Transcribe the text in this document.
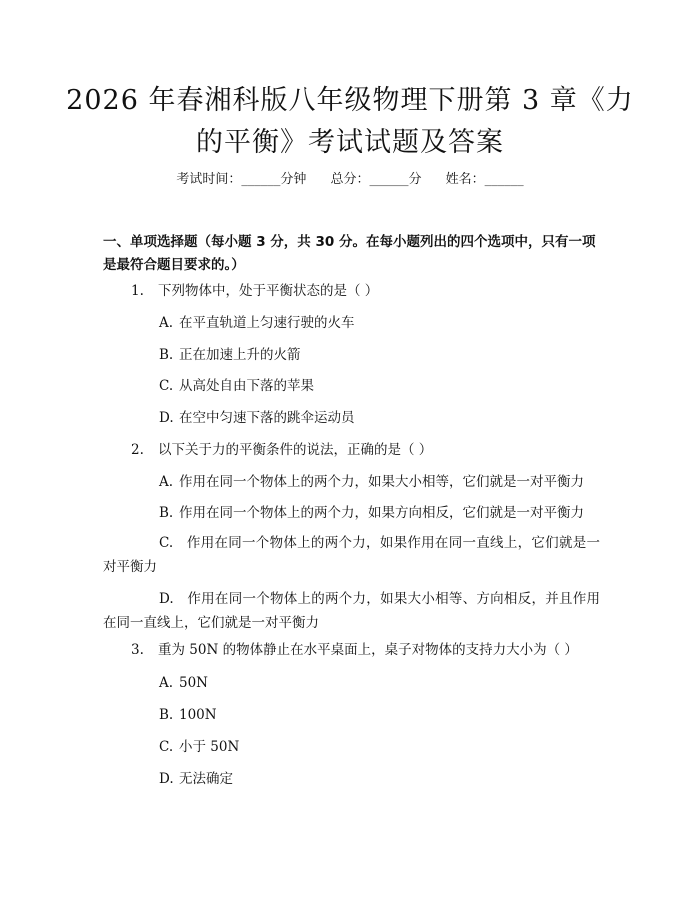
2026 年春湘科版八年级物理下册第 3 章《力
的平衡》考试试题及答案
考试时间：______分钟 总分：______分 姓名：______
一、单项选择题（每小题 3 分，共 30 分。在每小题列出的四个选项中，只有一项是最符合题目要求的。）
1. 下列物体中，处于平衡状态的是（ ）
A. 在平直轨道上匀速行驶的火车
B. 正在加速上升的火箭
C. 从高处自由下落的苹果
D. 在空中匀速下落的跳伞运动员
2. 以下关于力的平衡条件的说法，正确的是（ ）
A. 作用在同一个物体上的两个力，如果大小相等，它们就是一对平衡力
B. 作用在同一个物体上的两个力，如果方向相反，它们就是一对平衡力
C.  作用在同一个物体上的两个力，如果作用在同一直线上，它们就是一对平衡力
D.  作用在同一个物体上的两个力，如果大小相等、方向相反，并且作用在同一直线上，它们就是一对平衡力
3. 重为 50N 的物体静止在水平桌面上，桌子对物体的支持力大小为（ ）
A. 50N
B. 100N
C. 小于 50N
D. 无法确定
